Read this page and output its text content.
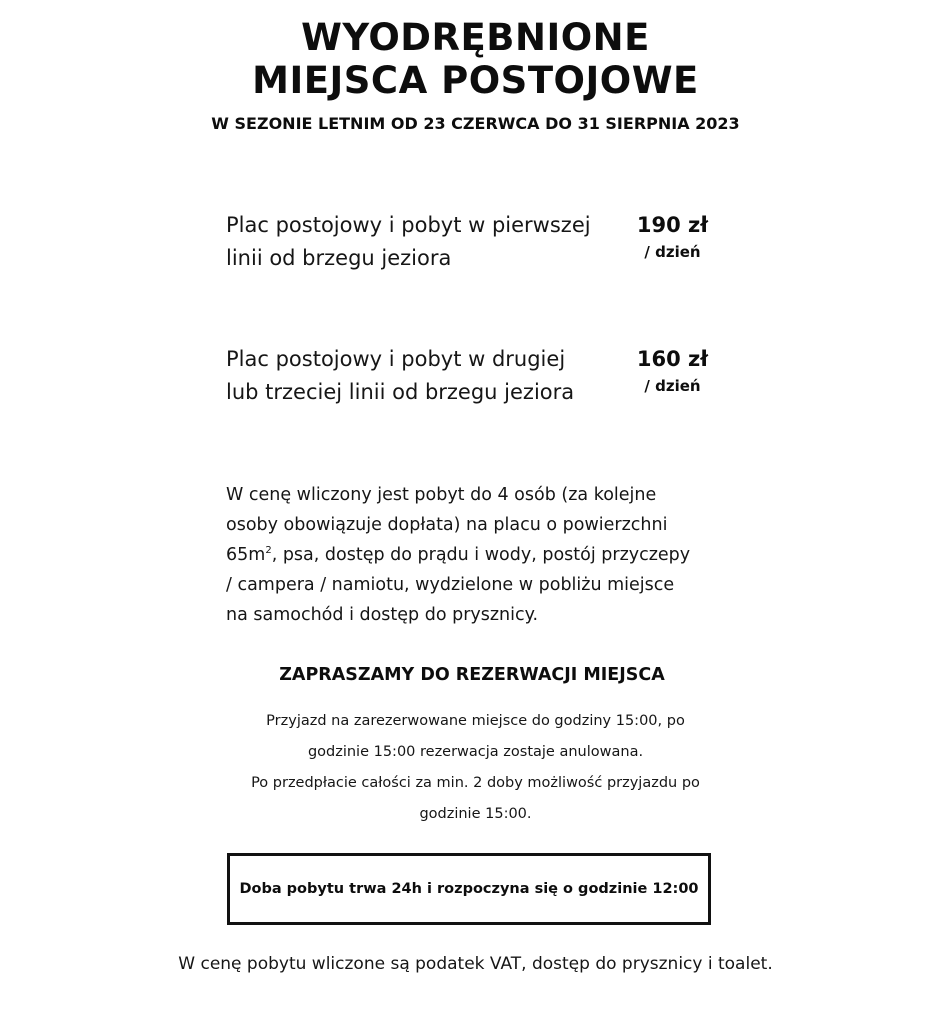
WYODRĘBNIONE
MIEJSCA POSTOJOWE
W SEZONIE LETNIM OD 23 CZERWCA DO 31 SIERPNIA 2023
Plac postojowy i pobyt w pierwszej
linii od brzegu jeziora
190 zł
/ dzień
Plac postojowy i pobyt w drugiej
lub trzeciej linii od brzegu jeziora
160 zł
/ dzień
W cenę wliczony jest pobyt do 4 osób (za kolejne
osoby obowiązuje dopłata) na placu o powierzchni
$65m^2$, psa, dostęp do prądu i wody, postój przyczepy
/ campera / namiotu, wydzielone w pobliżu miejsce
na samochód i dostęp do prysznicy.
ZAPRASZAMY DO REZERWACJI MIEJSCA
Przyjazd na zarezerwowane miejsce do godziny 15:00, po
godzinie 15:00 rezerwacja zostaje anulowana.
Po przedpłacie całości za min. 2 doby możliwość przyjazdu po
godzinie 15:00.
Doba pobytu trwa 24h i rozpoczyna się o godzinie 12:00
W cenę pobytu wliczone są podatek VAT, dostęp do prysznicy i toalet.
